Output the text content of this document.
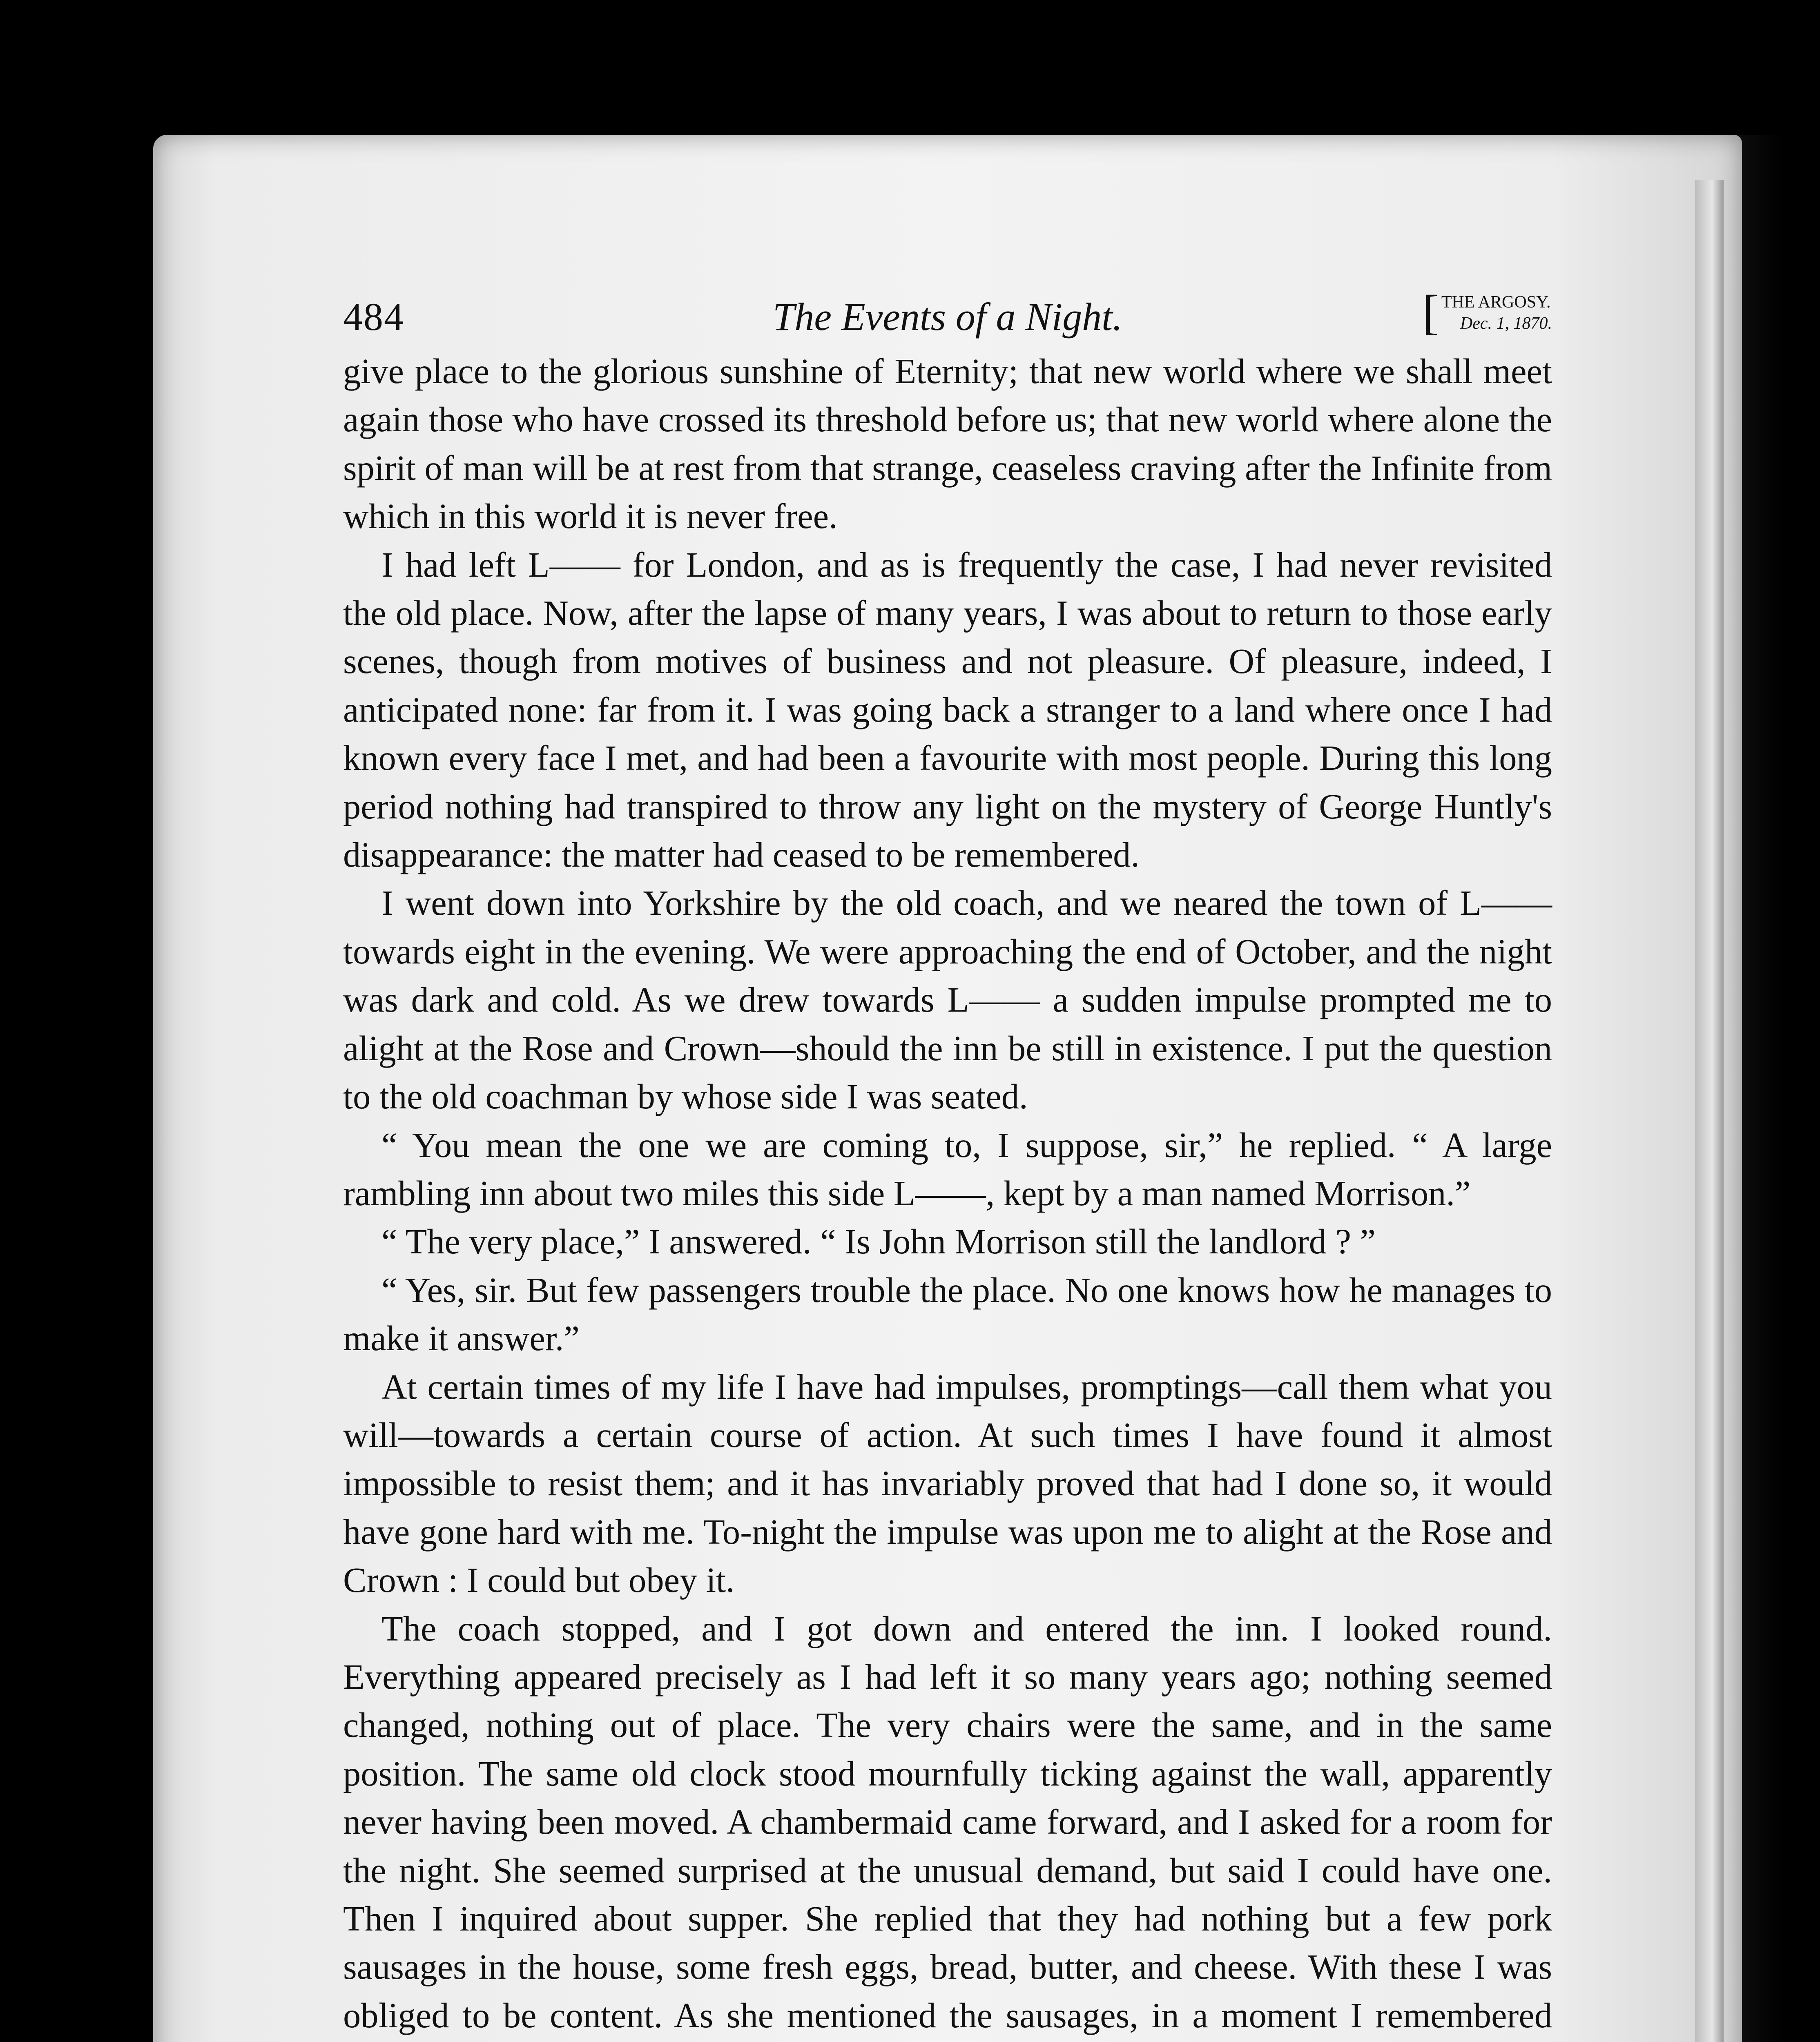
484	The Events of a Night.	[ THE ARGOSY.
Dec. 1, 1870.

give place to the glorious sunshine of Eternity; that new world where we shall meet again those who have crossed its threshold before us; that new world where alone the spirit of man will be at rest from that strange, ceaseless craving after the Infinite from which in this world it is never free.

I had left L—— for London, and as is frequently the case, I had never revisited the old place. Now, after the lapse of many years, I was about to return to those early scenes, though from motives of business and not pleasure. Of pleasure, indeed, I anticipated none: far from it. I was going back a stranger to a land where once I had known every face I met, and had been a favourite with most people. During this long period nothing had transpired to throw any light on the mystery of George Huntly's disappearance: the matter had ceased to be remembered.

I went down into Yorkshire by the old coach, and we neared the town of L—— towards eight in the evening. We were approaching the end of October, and the night was dark and cold. As we drew towards L—— a sudden impulse prompted me to alight at the Rose and Crown—should the inn be still in existence. I put the question to the old coachman by whose side I was seated.

“ You mean the one we are coming to, I suppose, sir,” he replied. “ A large rambling inn about two miles this side L——, kept by a man named Morrison.”

“ The very place,” I answered. “ Is John Morrison still the landlord ? ”

“ Yes, sir. But few passengers trouble the place. No one knows how he manages to make it answer.”

At certain times of my life I have had impulses, promptings—call them what you will—towards a certain course of action. At such times I have found it almost impossible to resist them; and it has invariably proved that had I done so, it would have gone hard with me. To-night the impulse was upon me to alight at the Rose and Crown : I could but obey it.

The coach stopped, and I got down and entered the inn. I looked round. Everything appeared precisely as I had left it so many years ago; nothing seemed changed, nothing out of place. The very chairs were the same, and in the same position. The same old clock stood mournfully ticking against the wall, apparently never having been moved. A chambermaid came forward, and I asked for a room for the night. She seemed surprised at the unusual demand, but said I could have one. Then I inquired about supper. She replied that they had nothing but a few pork sausages in the house, some fresh eggs, bread, butter, and cheese. With these I was obliged to be content. As she mentioned the sausages, in a moment I remembered
